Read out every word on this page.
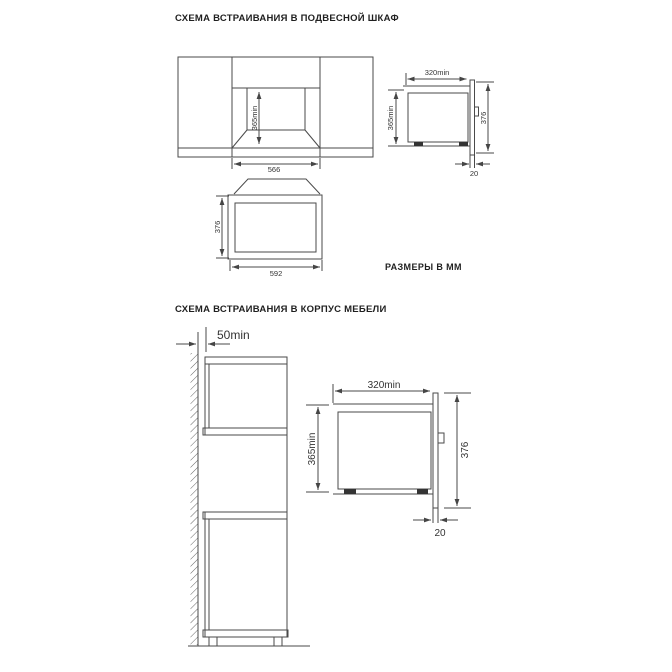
СХЕМА ВСТРАИВАНИЯ В ПОДВЕСНОЙ ШКАФ
СХЕМА ВСТРАИВАНИЯ В КОРПУС МЕБЕЛИ
РАЗМЕРЫ В ММ
365min
566
320min
365min	376
20
376
592
50min
320min
365min	376
20
